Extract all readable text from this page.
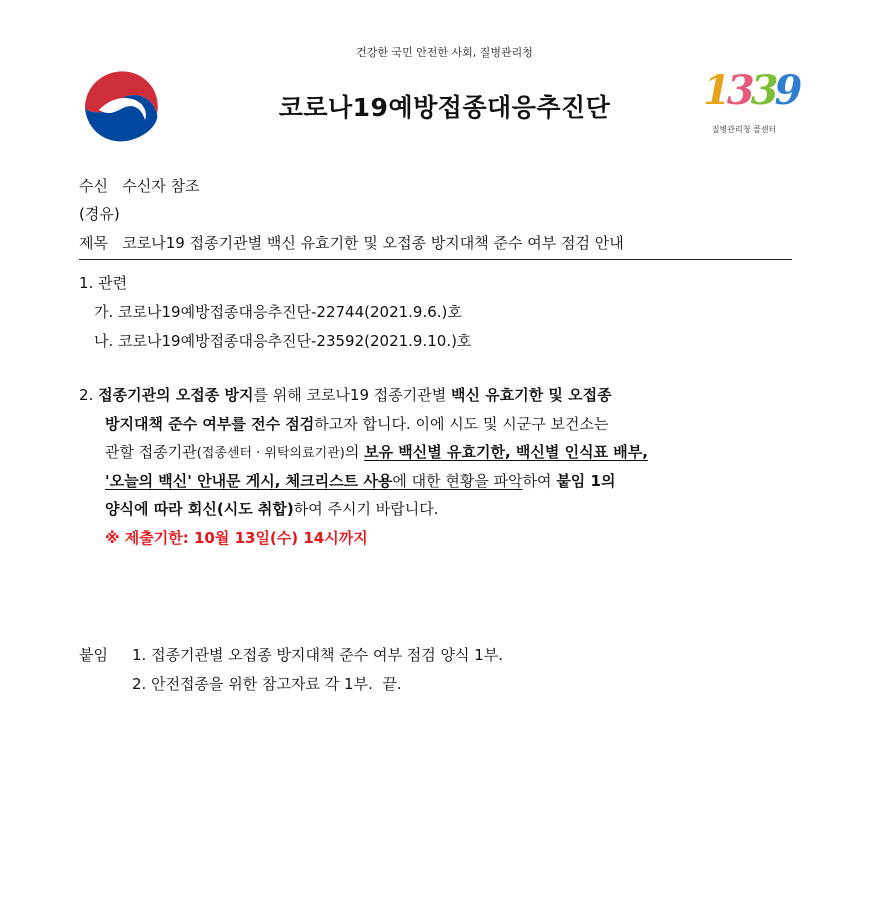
건강한 국민 안전한 사회, 질병관리청
코로나19예방접종대응추진단	1339
질병관리청 콜센터
수신 수신자 참조
(경유)
제목 코로나19 접종기관별 백신 유효기한 및 오접종 방지대책 준수 여부 점검 안내
1. 관련
가. 코로나19예방접종대응추진단-22744(2021.9.6.)호
나. 코로나19예방접종대응추진단-23592(2021.9.10.)호
2. 접종기관의 오접종 방지를 위해 코로나19 접종기관별 백신 유효기한 및 오접종
방지대책 준수 여부를 전수 점검하고자 합니다. 이에 시도 및 시군구 보건소는
관할 접종기관(접종센터 · 위탁의료기관)의 보유 백신별 유효기한, 백신별 인식표 배부,
'오늘의 백신' 안내문 게시, 체크리스트 사용에 대한 현황을 파악하여 붙임 1의
양식에 따라 회신(시도 취합)하여 주시기 바랍니다.
※ 제출기한: 10월 13일(수) 14시까지
붙임 1. 접종기관별 오접종 방지대책 준수 여부 점검 양식 1부.
2. 안전접종을 위한 참고자료 각 1부. 끝.
